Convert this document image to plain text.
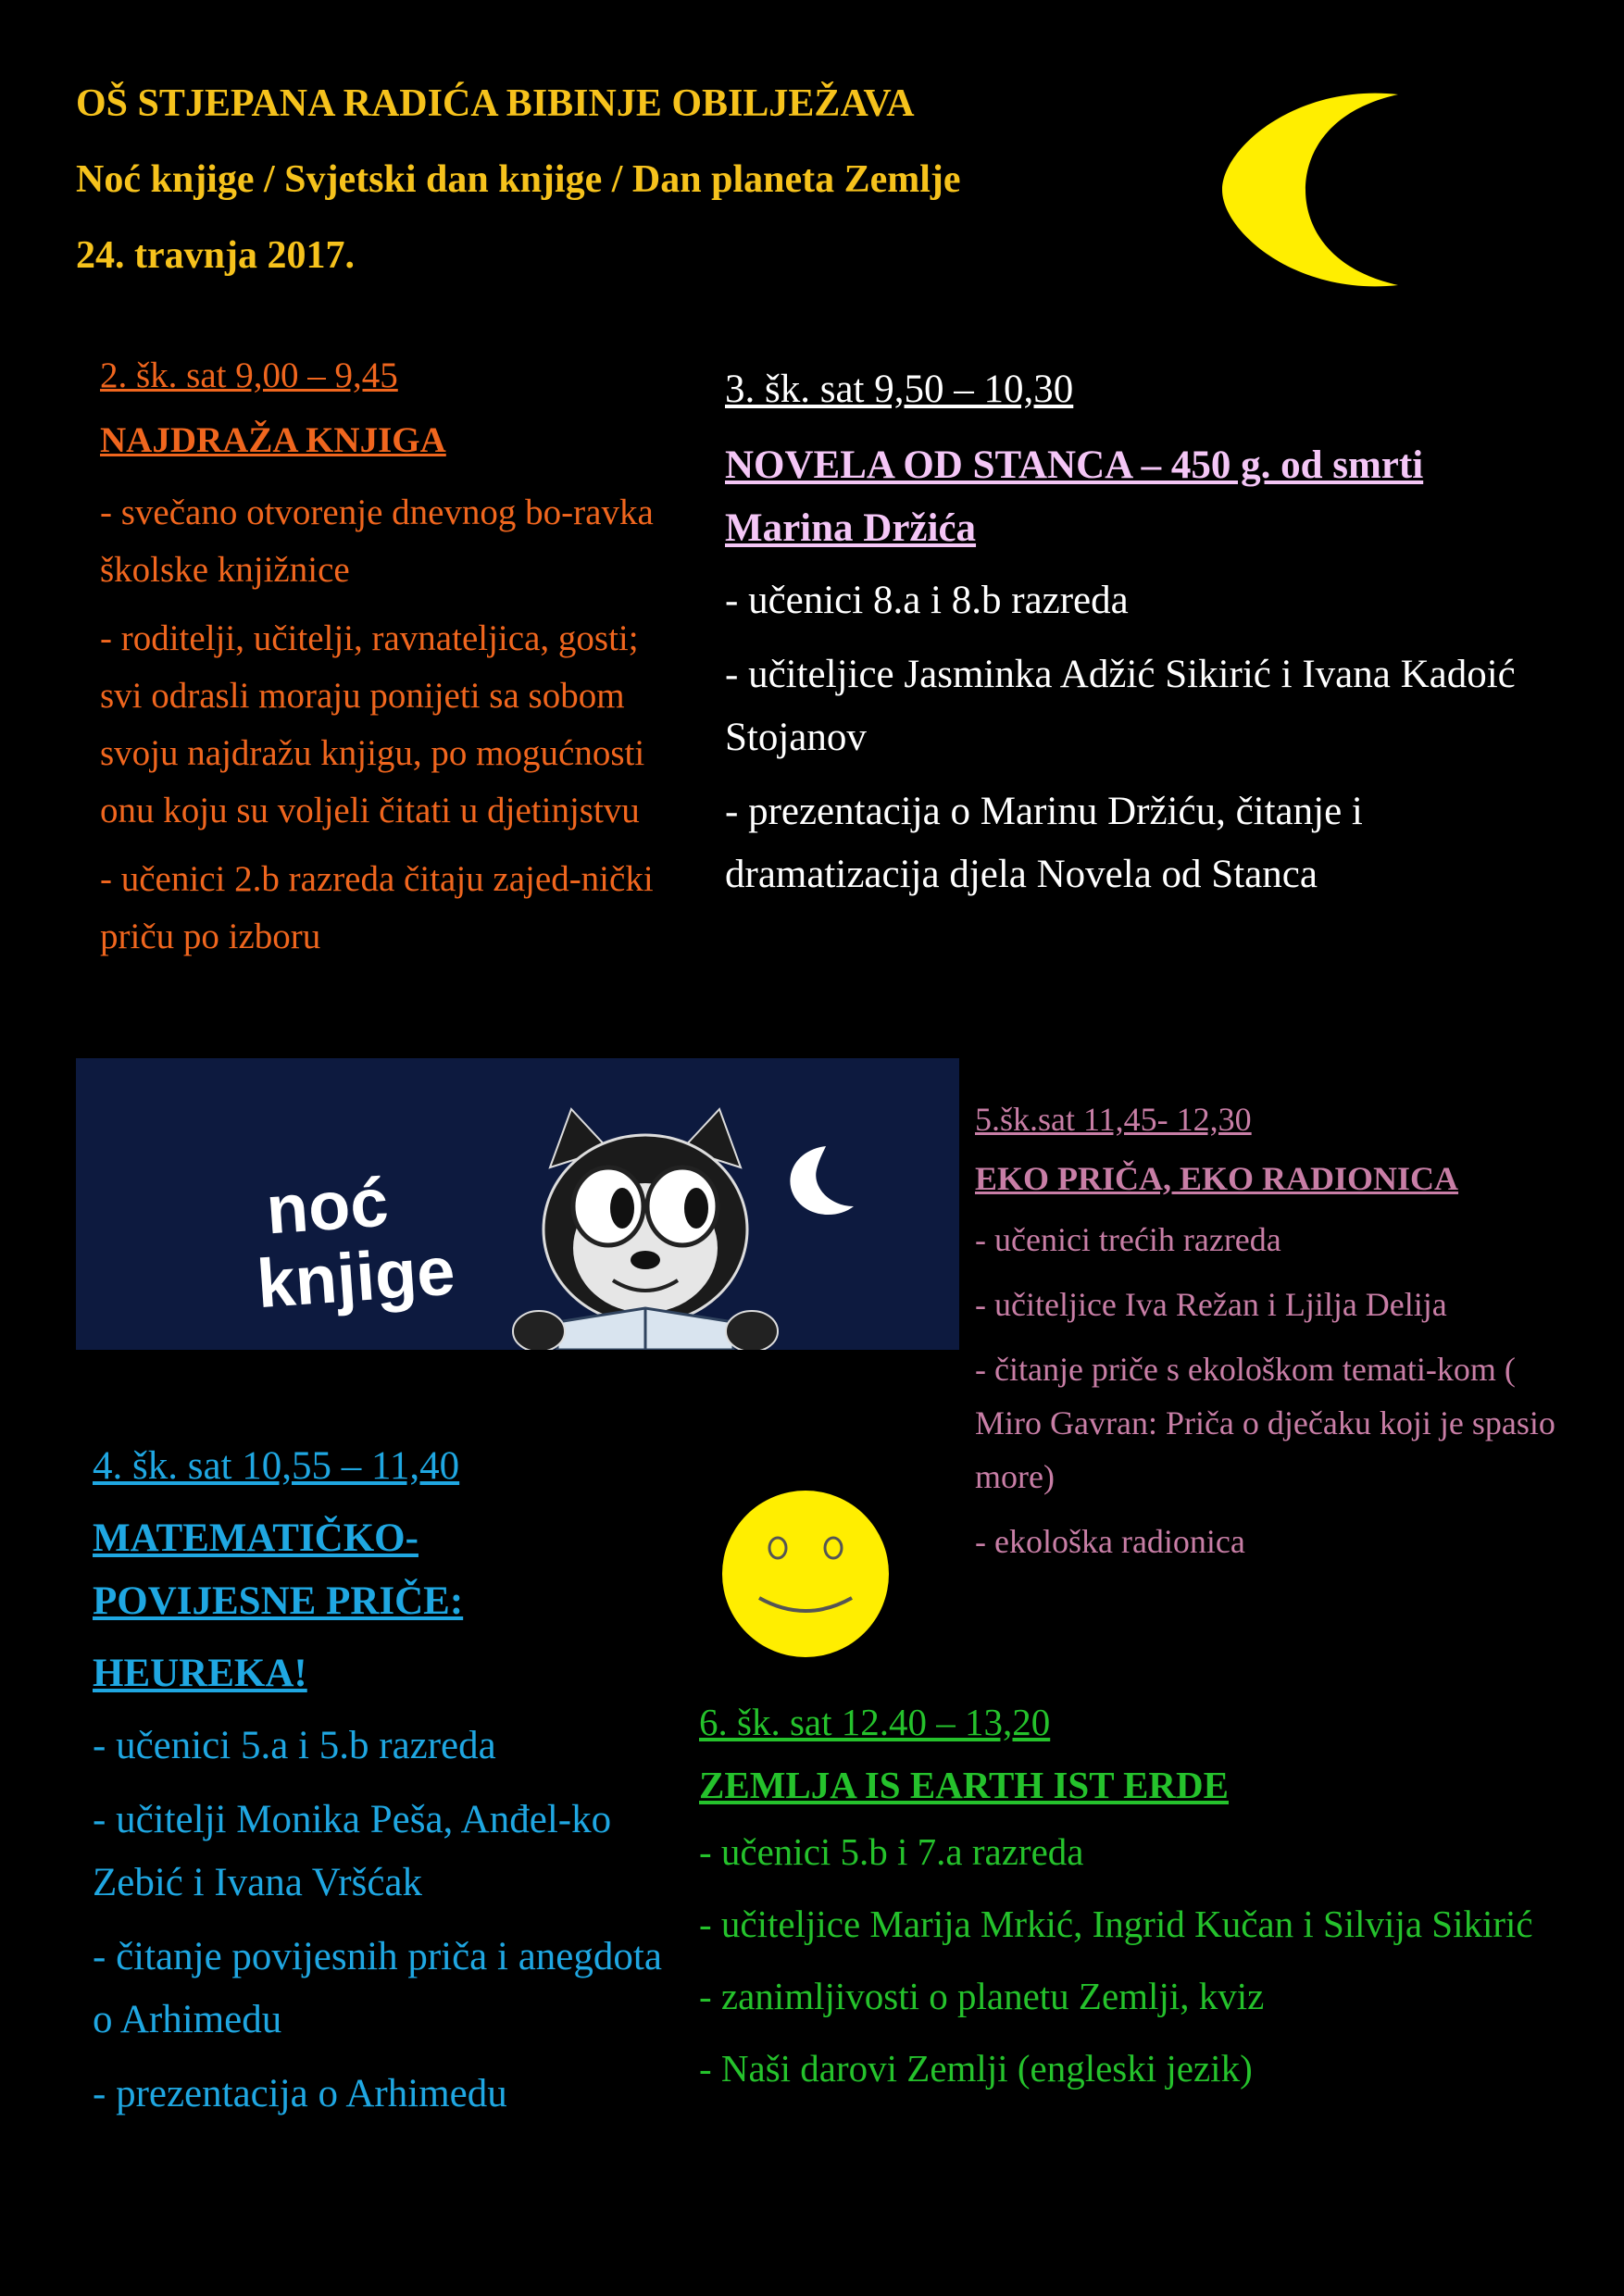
OŠ STJEPANA RADIĆA BIBINJE OBILJEŽAVA
Noć knjige / Svjetski dan knjige / Dan planeta Zemlje
24. travnja 2017.

2. šk. sat 9,00 – 9,45

NAJDRAŽA KNJIGA

- svečano otvorenje dnevnog bo-ravka školske knjižnice

- roditelji, učitelji, ravnateljica, gosti; svi odrasli moraju ponijeti sa sobom svoju najdražu knjigu, po mogućnosti onu koju su voljeli čitati u djetinjstvu

- učenici 2.b razreda čitaju zajed-nički priču po izboru

3. šk. sat 9,50 – 10,30

NOVELA OD STANCA – 450 g. od smrti Marina Držića

- učenici 8.a i 8.b razreda

- učiteljice Jasminka Adžić Sikirić i Ivana Kadoić Stojanov

- prezentacija o Marinu Držiću, čitanje i dramatizacija djela Novela od Stanca

noć
knjige

5.šk.sat 11,45- 12,30

EKO PRIČA, EKO RADIONICA

- učenici trećih razreda

- učiteljice Iva Režan i Ljilja Delija

- čitanje priče s ekološkom temati-kom ( Miro Gavran: Priča o dječaku koji je spasio more)

- ekološka radionica

4. šk. sat 10,55 – 11,40

MATEMATIČKO-

POVIJESNE PRIČE:

HEUREKA!

- učenici 5.a i 5.b razreda

- učitelji Monika Peša, Anđel-ko Zebić i Ivana Vršćak

- čitanje povijesnih priča i anegdota o Arhimedu

- prezentacija o Arhimedu

6. šk. sat 12.40 – 13,20

ZEMLJA IS EARTH IST ERDE

- učenici 5.b i 7.a razreda

- učiteljice Marija Mrkić, Ingrid Kučan i Silvija Sikirić

- zanimljivosti o planetu Zemlji, kviz

- Naši darovi Zemlji (engleski jezik)
